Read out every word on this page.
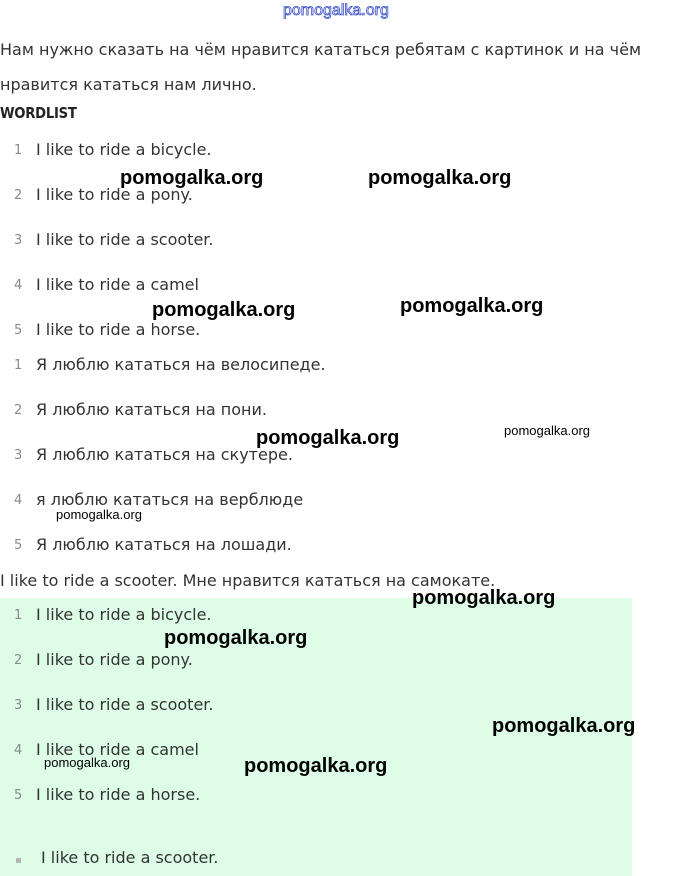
pomogalka.org
Нам нужно сказать на чём нравится кататься ребятам с картинок и на чём нравится кататься нам лично.
WORDLIST
1 I like to ride a bicycle.
2 I like to ride a pony.
3 I like to ride a scooter.
4 I like to ride a camel
5 I like to ride a horse.
1 Я люблю кататься на велосипеде.
2 Я люблю кататься на пони.
3 Я люблю кататься на скутере.
4 я люблю кататься на верблюде
5 Я люблю кататься на лошади.
I like to ride a scooter. Мне нравится кататься на самокате.
1 I like to ride a bicycle.
2 I like to ride a pony.
3 I like to ride a scooter.
4 I like to ride a camel
5 I like to ride a horse.
I like to ride a scooter.
pomogalka.org	pomogalka.org
pomogalka.org	pomogalka.org
pomogalka.org	pomogalka.org
pomogalka.org
pomogalka.org
pomogalka.org
pomogalka.org
pomogalka.org	pomogalka.org
